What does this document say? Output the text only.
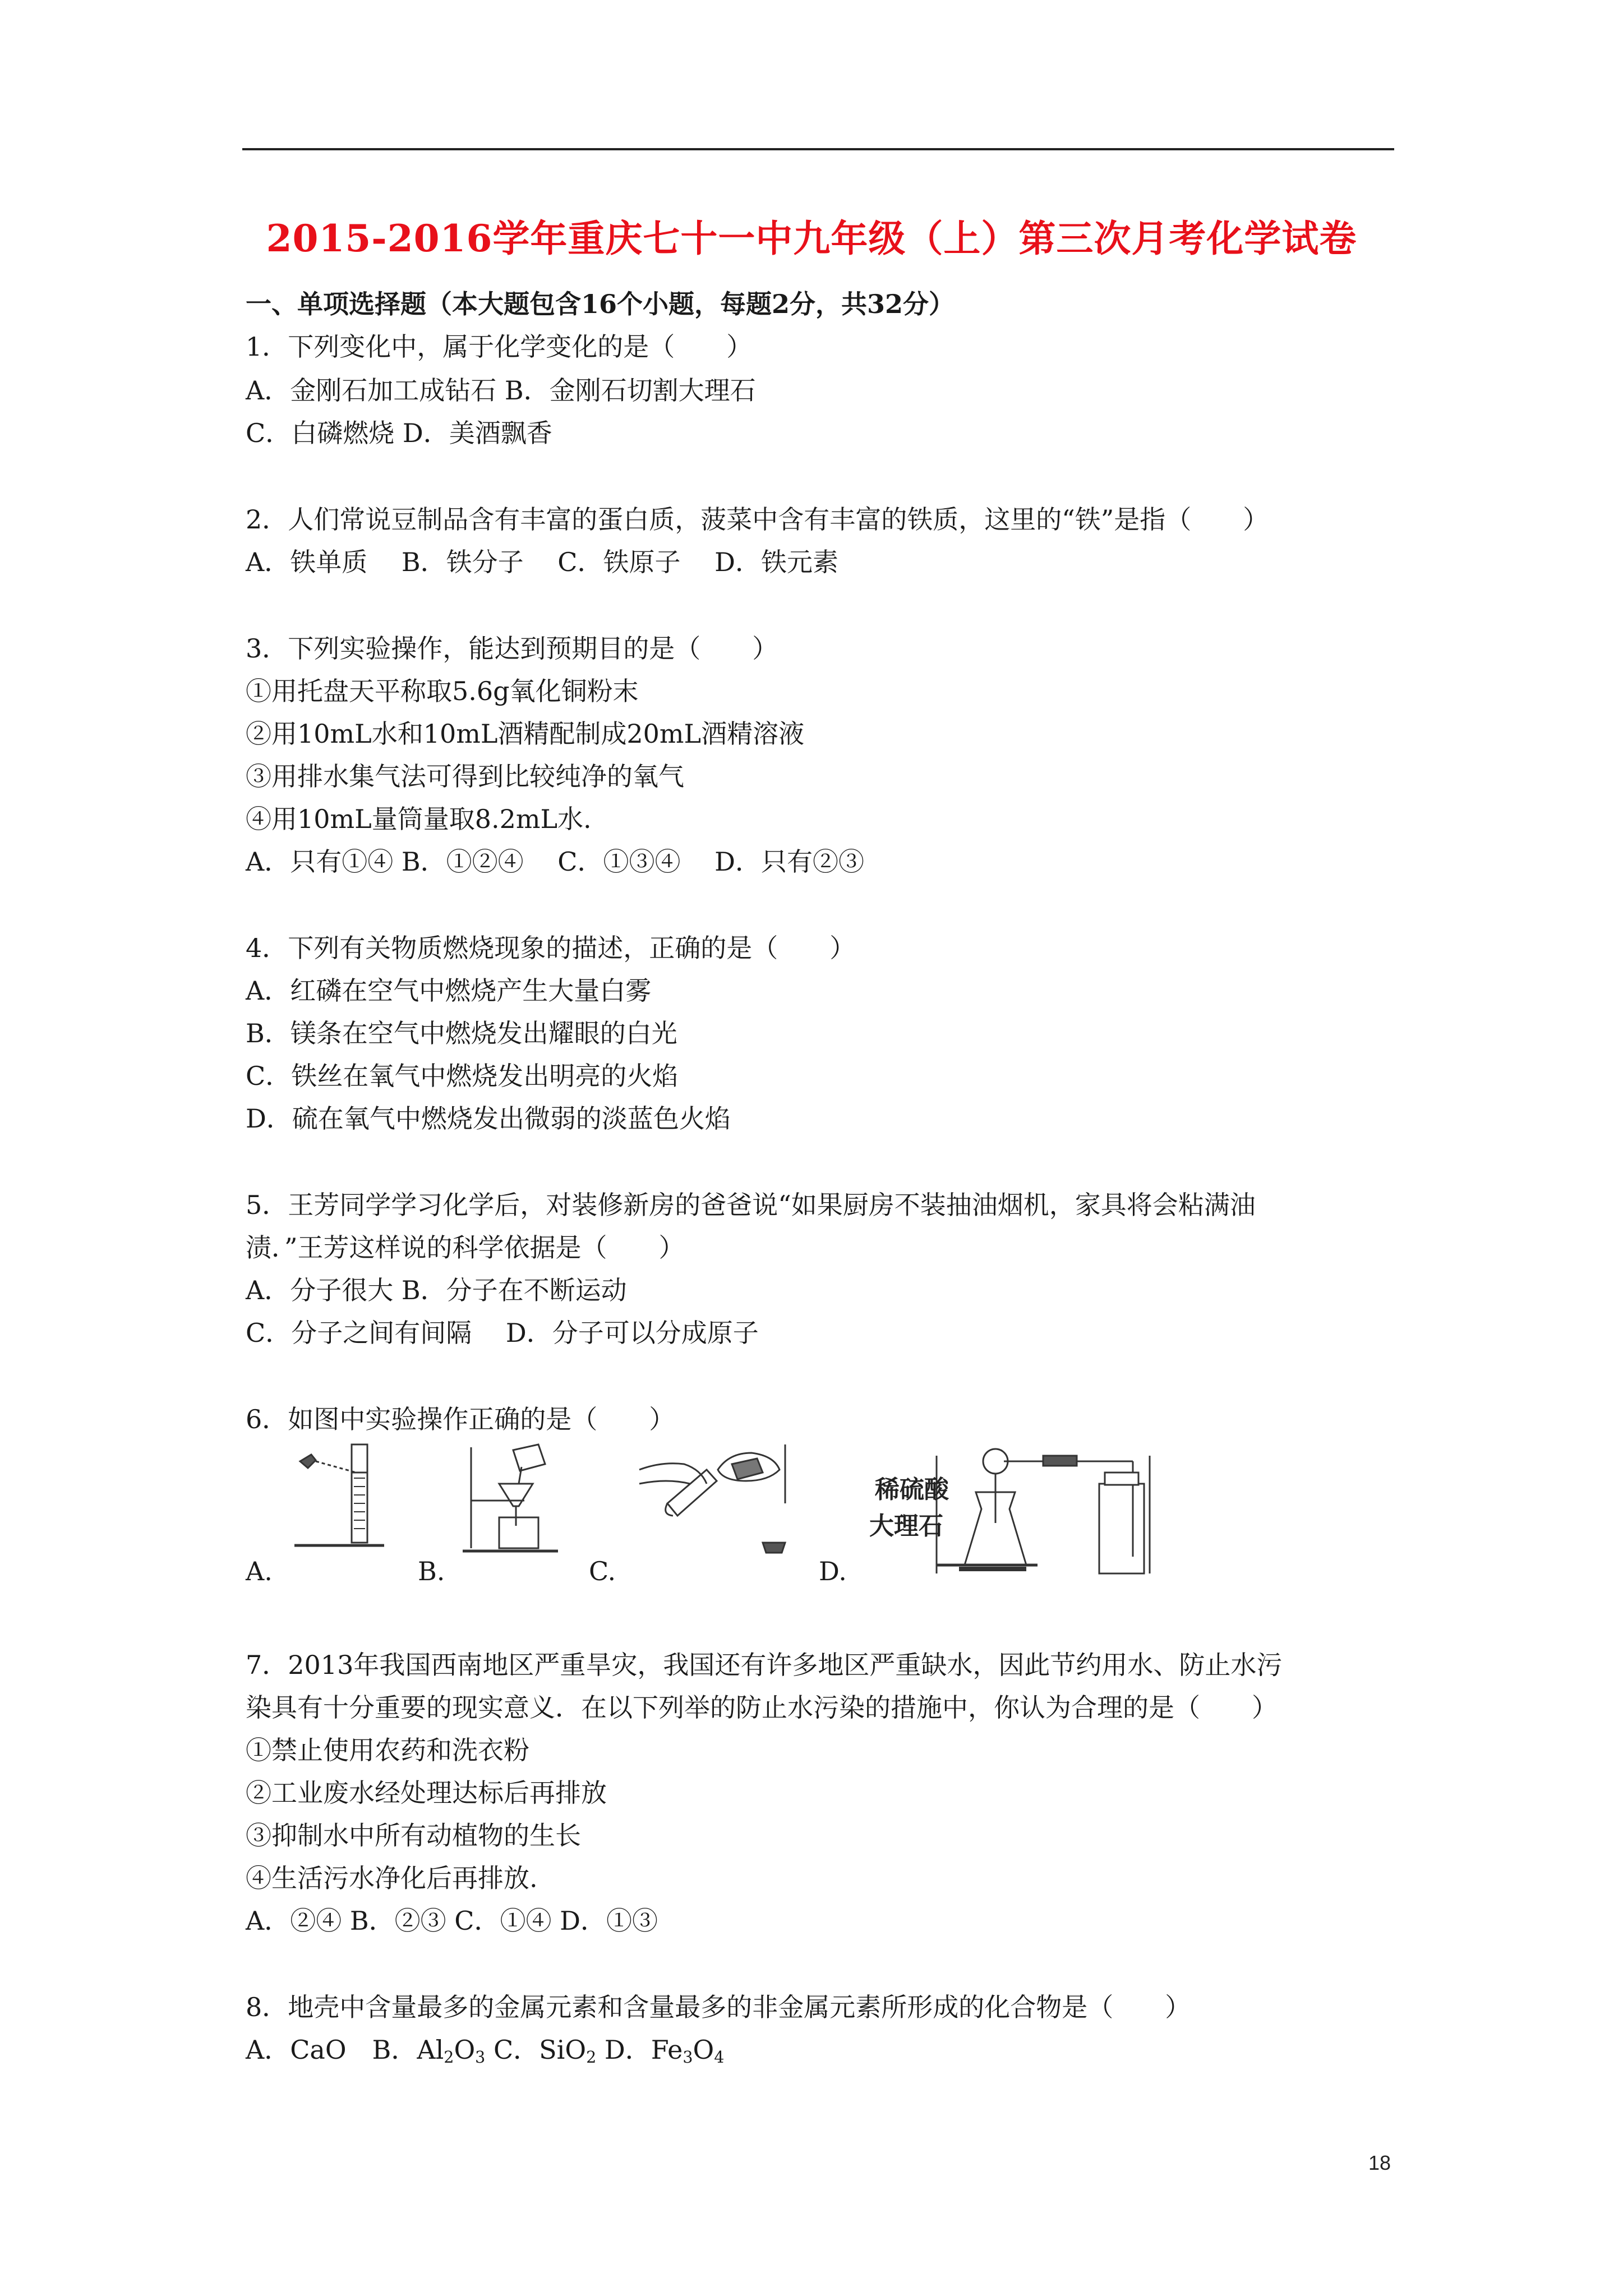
2015-2016学年重庆七十一中九年级（上）第三次月考化学试卷
一、单项选择题（本大题包含16个小题，每题2分，共32分）
1．下列变化中，属于化学变化的是（　　）
A．金刚石加工成钻石 B．金刚石切割大理石
C．白磷燃烧 D．美酒飘香
2．人们常说豆制品含有丰富的蛋白质，菠菜中含有丰富的铁质，这里的“铁”是指（　　）
A．铁单质　 B．铁分子　 C．铁原子　 D．铁元素
3．下列实验操作，能达到预期目的是（　　）
①用托盘天平称取5.6g氧化铜粉末
②用10mL水和10mL酒精配制成20mL酒精溶液
③用排水集气法可得到比较纯净的氧气
④用10mL量筒量取8.2mL水.
A．只有①④ B．①②④　 C．①③④　 D．只有②③
4．下列有关物质燃烧现象的描述，正确的是（　　）
A．红磷在空气中燃烧产生大量白雾
B．镁条在空气中燃烧发出耀眼的白光
C．铁丝在氧气中燃烧发出明亮的火焰
D．硫在氧气中燃烧发出微弱的淡蓝色火焰
5．王芳同学学习化学后，对装修新房的爸爸说“如果厨房不装抽油烟机，家具将会粘满油
渍．”王芳这样说的科学依据是（　　）
A．分子很大 B．分子在不断运动
C．分子之间有间隔　 D．分子可以分成原子
6．如图中实验操作正确的是（　　）
稀硫酸
大理石
A.	B.	C.	D.
7．2013年我国西南地区严重旱灾，我国还有许多地区严重缺水，因此节约用水、防止水污
染具有十分重要的现实意义．在以下列举的防止水污染的措施中，你认为合理的是（　　）
①禁止使用农药和洗衣粉
②工业废水经处理达标后再排放
③抑制水中所有动植物的生长
④生活污水净化后再排放.
A．②④ B．②③ C．①④ D．①③
8．地壳中含量最多的金属元素和含量最多的非金属元素所形成的化合物是（　　）
A．CaO　B．$Al_2O_3$ C．SiO$_2$ D．$Fe_3O_4$
18
